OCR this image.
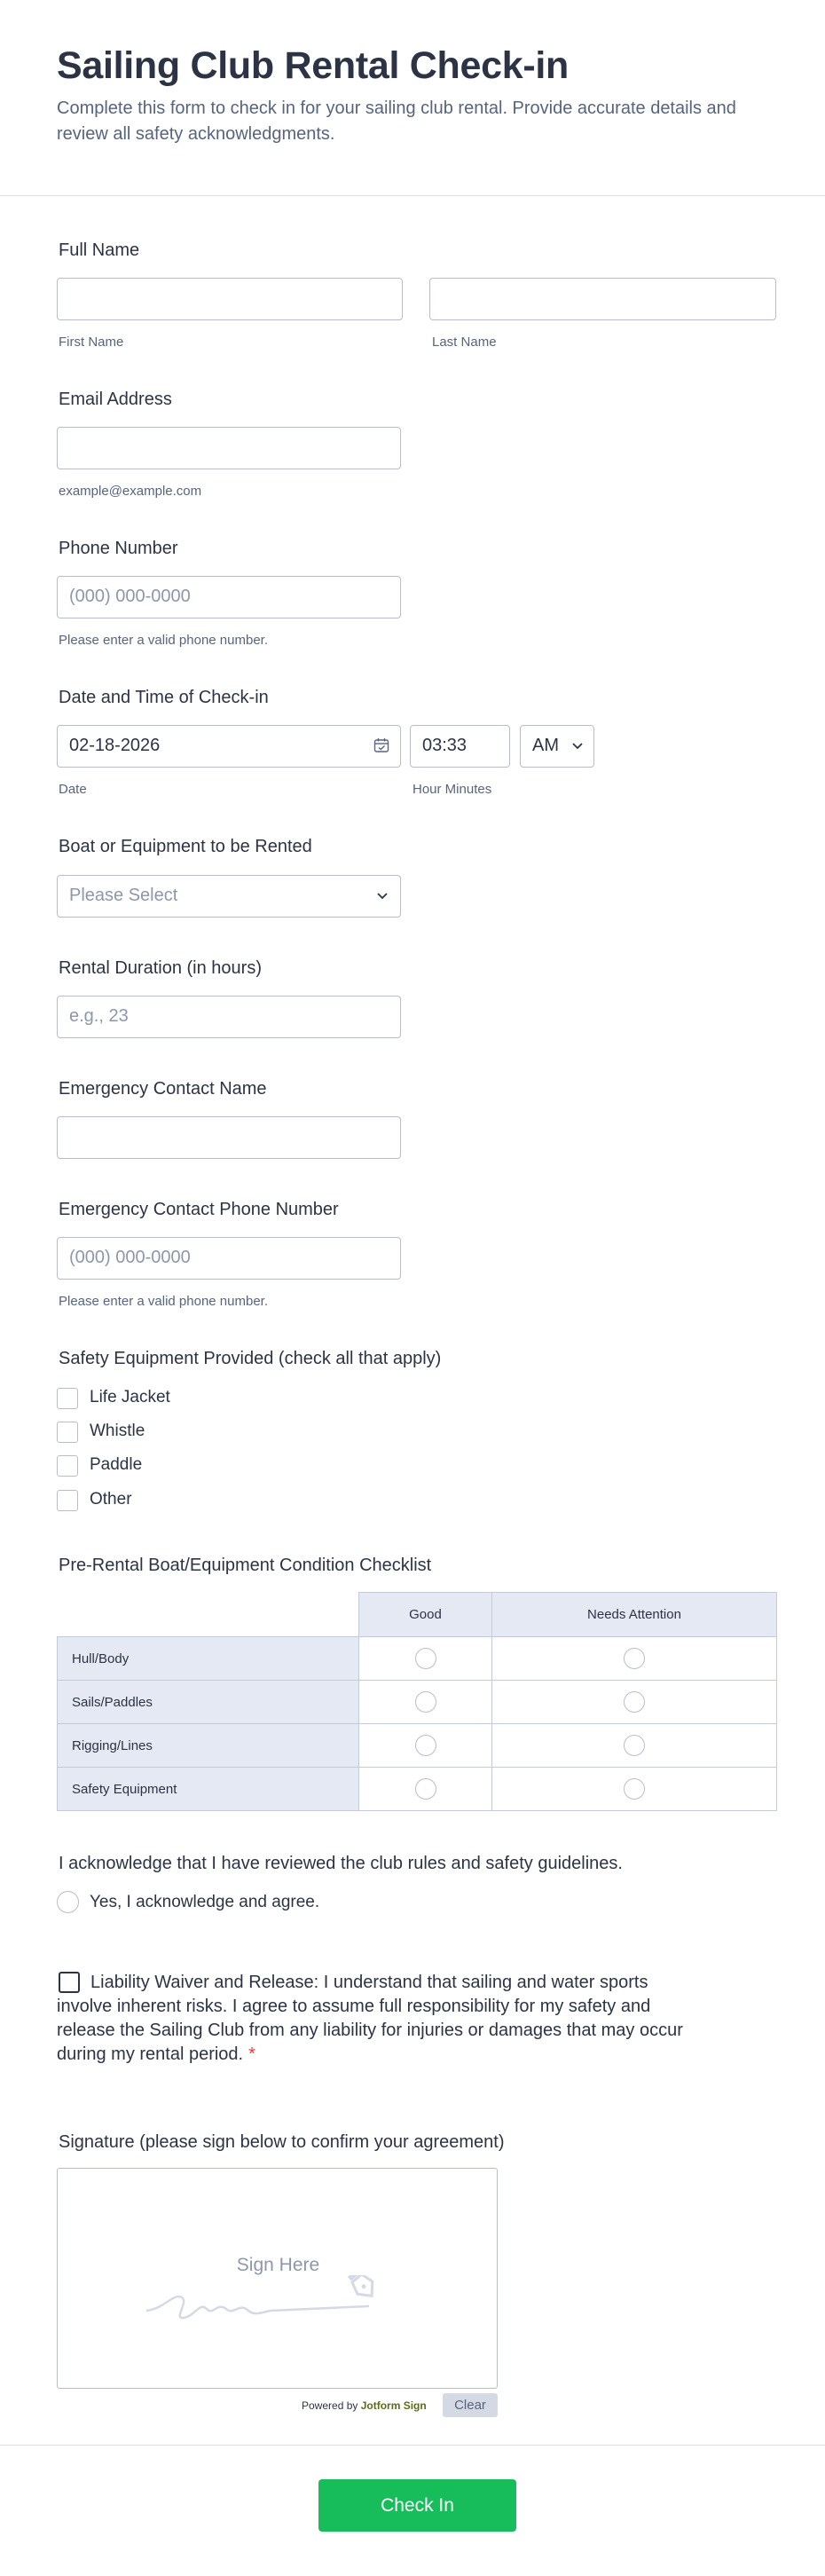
Sailing Club Rental Check-in
Complete this form to check in for your sailing club rental. Provide accurate details and review all safety acknowledgments.
Full Name
First Name	Last Name
Email Address
example@example.com
Phone Number
(000) 000-0000
Please enter a valid phone number.
Date and Time of Check-in
02-18-2026	03:33	AM
Date	Hour Minutes
Boat or Equipment to be Rented
Please Select
Rental Duration (in hours)
e.g., 23
Emergency Contact Name
Emergency Contact Phone Number
(000) 000-0000
Please enter a valid phone number.
Safety Equipment Provided (check all that apply)
Life Jacket
Whistle
Paddle
Other
Pre-Rental Boat/Equipment Condition Checklist
	Good	Needs Attention
Hull/Body		
Sails/Paddles		
Rigging/Lines		
Safety Equipment		
I acknowledge that I have reviewed the club rules and safety guidelines.
Yes, I acknowledge and agree.
Liability Waiver and Release: I understand that sailing and water sports involve inherent risks. I agree to assume full responsibility for my safety and release the Sailing Club from any liability for injuries or damages that may occur during my rental period. *
Signature (please sign below to confirm your agreement)
Sign Here
Powered by Jotform Sign	Clear
Check In
